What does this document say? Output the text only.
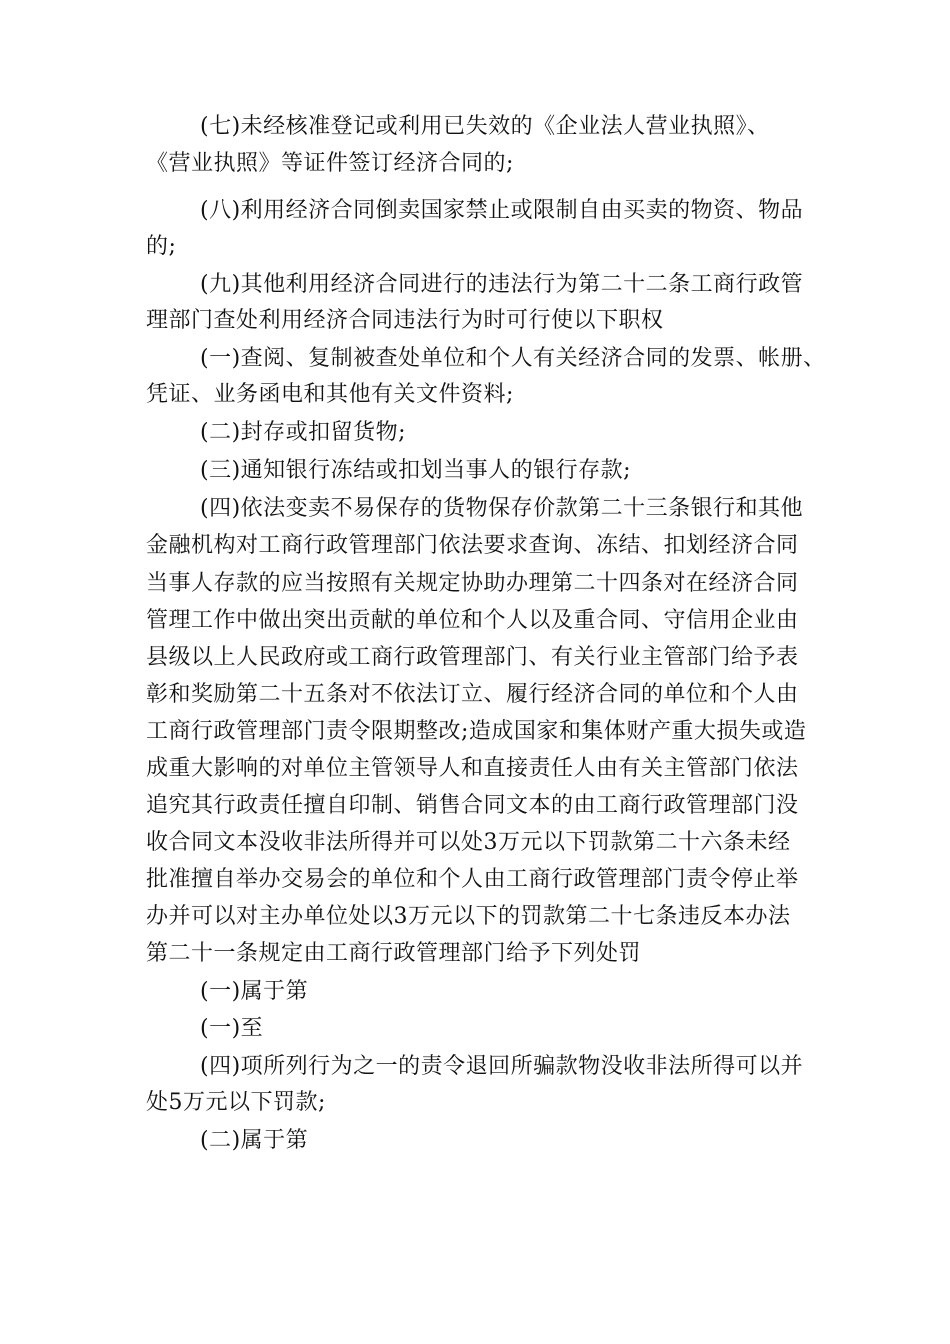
(七)未经核准登记或利用已失效的《企业法人营业执照》、
《营业执照》等证件签订经济合同的;
(八)利用经济合同倒卖国家禁止或限制自由买卖的物资、物品
的;
(九)其他利用经济合同进行的违法行为第二十二条工商行政管
理部门查处利用经济合同违法行为时可行使以下职权
(一)查阅、复制被查处单位和个人有关经济合同的发票、帐册、
凭证、业务函电和其他有关文件资料;
(二)封存或扣留货物;
(三)通知银行冻结或扣划当事人的银行存款;
(四)依法变卖不易保存的货物保存价款第二十三条银行和其他
金融机构对工商行政管理部门依法要求查询、冻结、扣划经济合同
当事人存款的应当按照有关规定协助办理第二十四条对在经济合同
管理工作中做出突出贡献的单位和个人以及重合同、守信用企业由
县级以上人民政府或工商行政管理部门、有关行业主管部门给予表
彰和奖励第二十五条对不依法订立、履行经济合同的单位和个人由
工商行政管理部门责令限期整改;造成国家和集体财产重大损失或造
成重大影响的对单位主管领导人和直接责任人由有关主管部门依法
追究其行政责任擅自印制、销售合同文本的由工商行政管理部门没
收合同文本没收非法所得并可以处3万元以下罚款第二十六条未经
批准擅自举办交易会的单位和个人由工商行政管理部门责令停止举
办并可以对主办单位处以3万元以下的罚款第二十七条违反本办法
第二十一条规定由工商行政管理部门给予下列处罚
(一)属于第
(一)至
(四)项所列行为之一的责令退回所骗款物没收非法所得可以并
处5万元以下罚款;
(二)属于第
